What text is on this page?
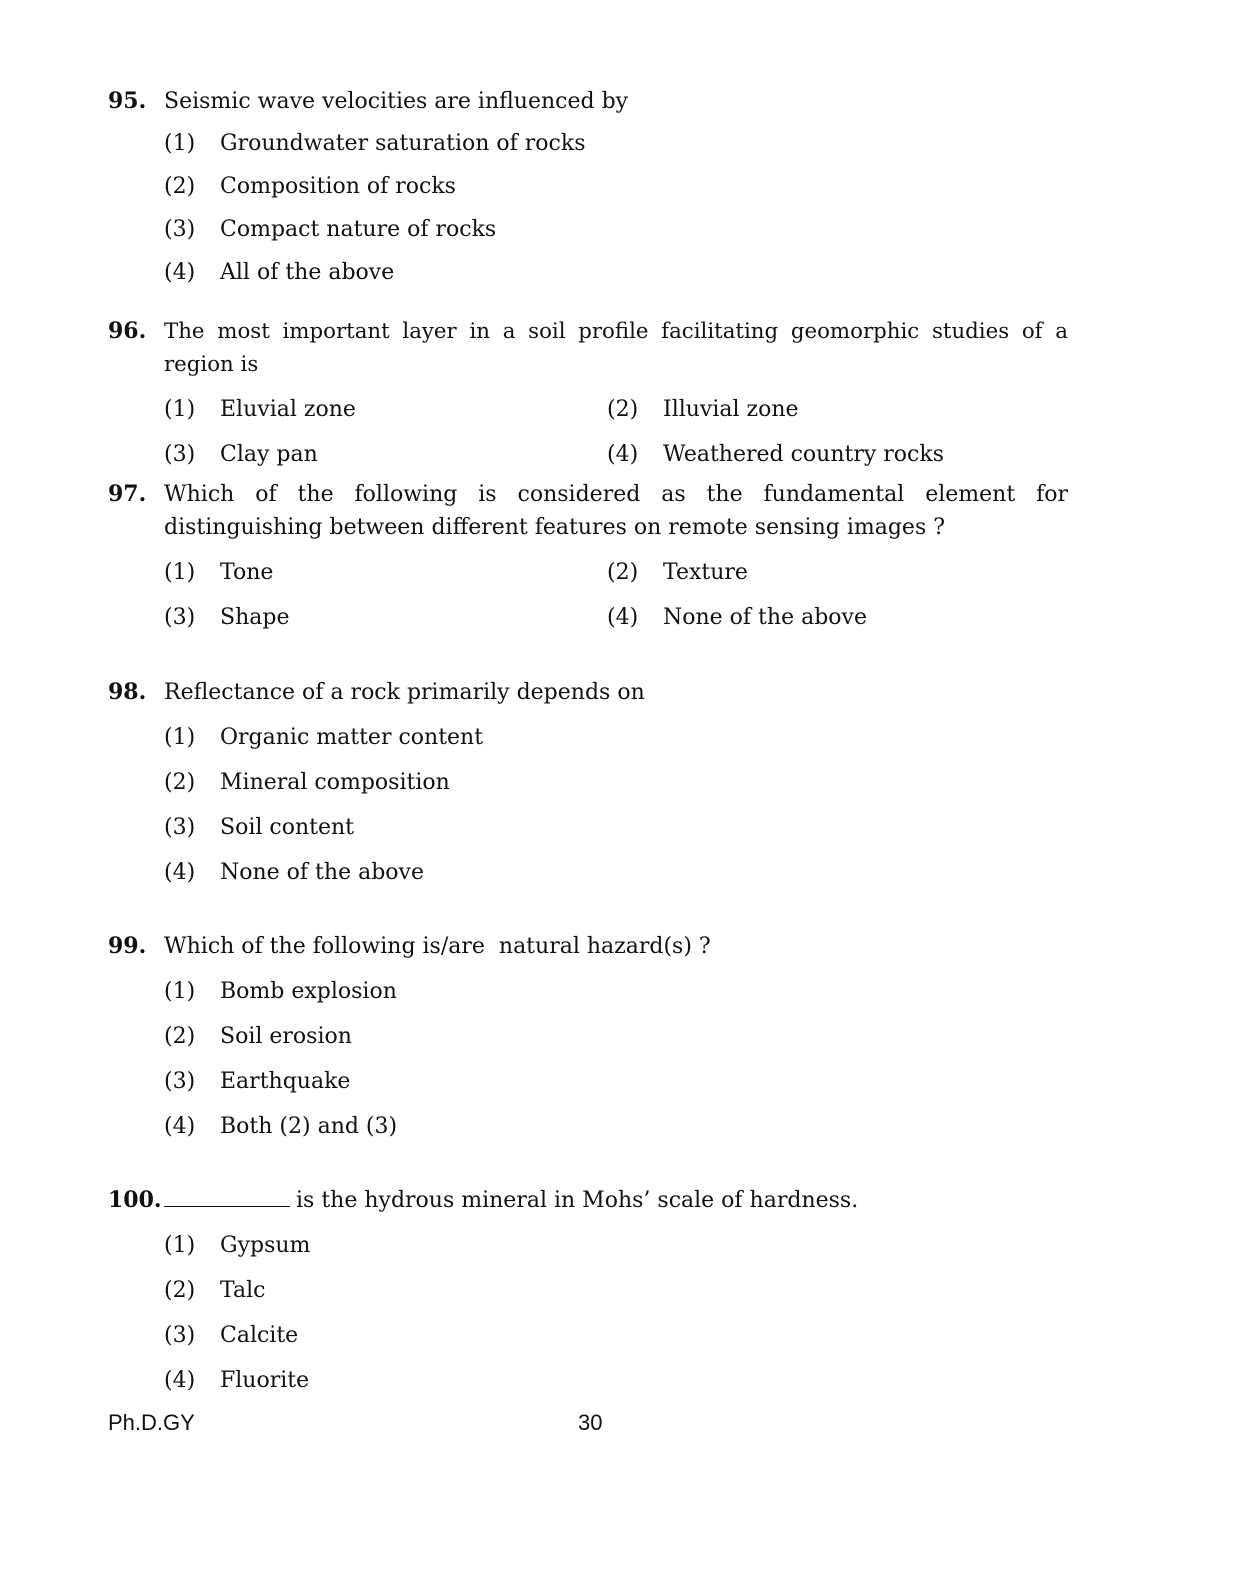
95. Seismic wave velocities are influenced by
(1)	Groundwater saturation of rocks
(2)	Composition of rocks
(3)	Compact nature of rocks
(4)	All of the above
96. The most important layer in a soil profile facilitating geomorphic studies of a region is
(1)	Eluvial zone	(2)	Illuvial zone
(3)	Clay pan	(4)	Weathered country rocks
97. Which of the following is considered as the fundamental element for distinguishing between different features on remote sensing images ?
(1)	Tone	(2)	Texture
(3)	Shape	(4)	None of the above
98. Reflectance of a rock primarily depends on
(1)	Organic matter content
(2)	Mineral composition
(3)	Soil content
(4)	None of the above
99. Which of the following is/are  natural hazard(s) ?
(1)	Bomb explosion
(2)	Soil erosion
(3)	Earthquake
(4)	Both (2) and (3)
100.	is the hydrous mineral in Mohs’ scale of hardness.
(1)	Gypsum
(2)	Talc
(3)	Calcite
(4)	Fluorite
Ph.D.GY	30
